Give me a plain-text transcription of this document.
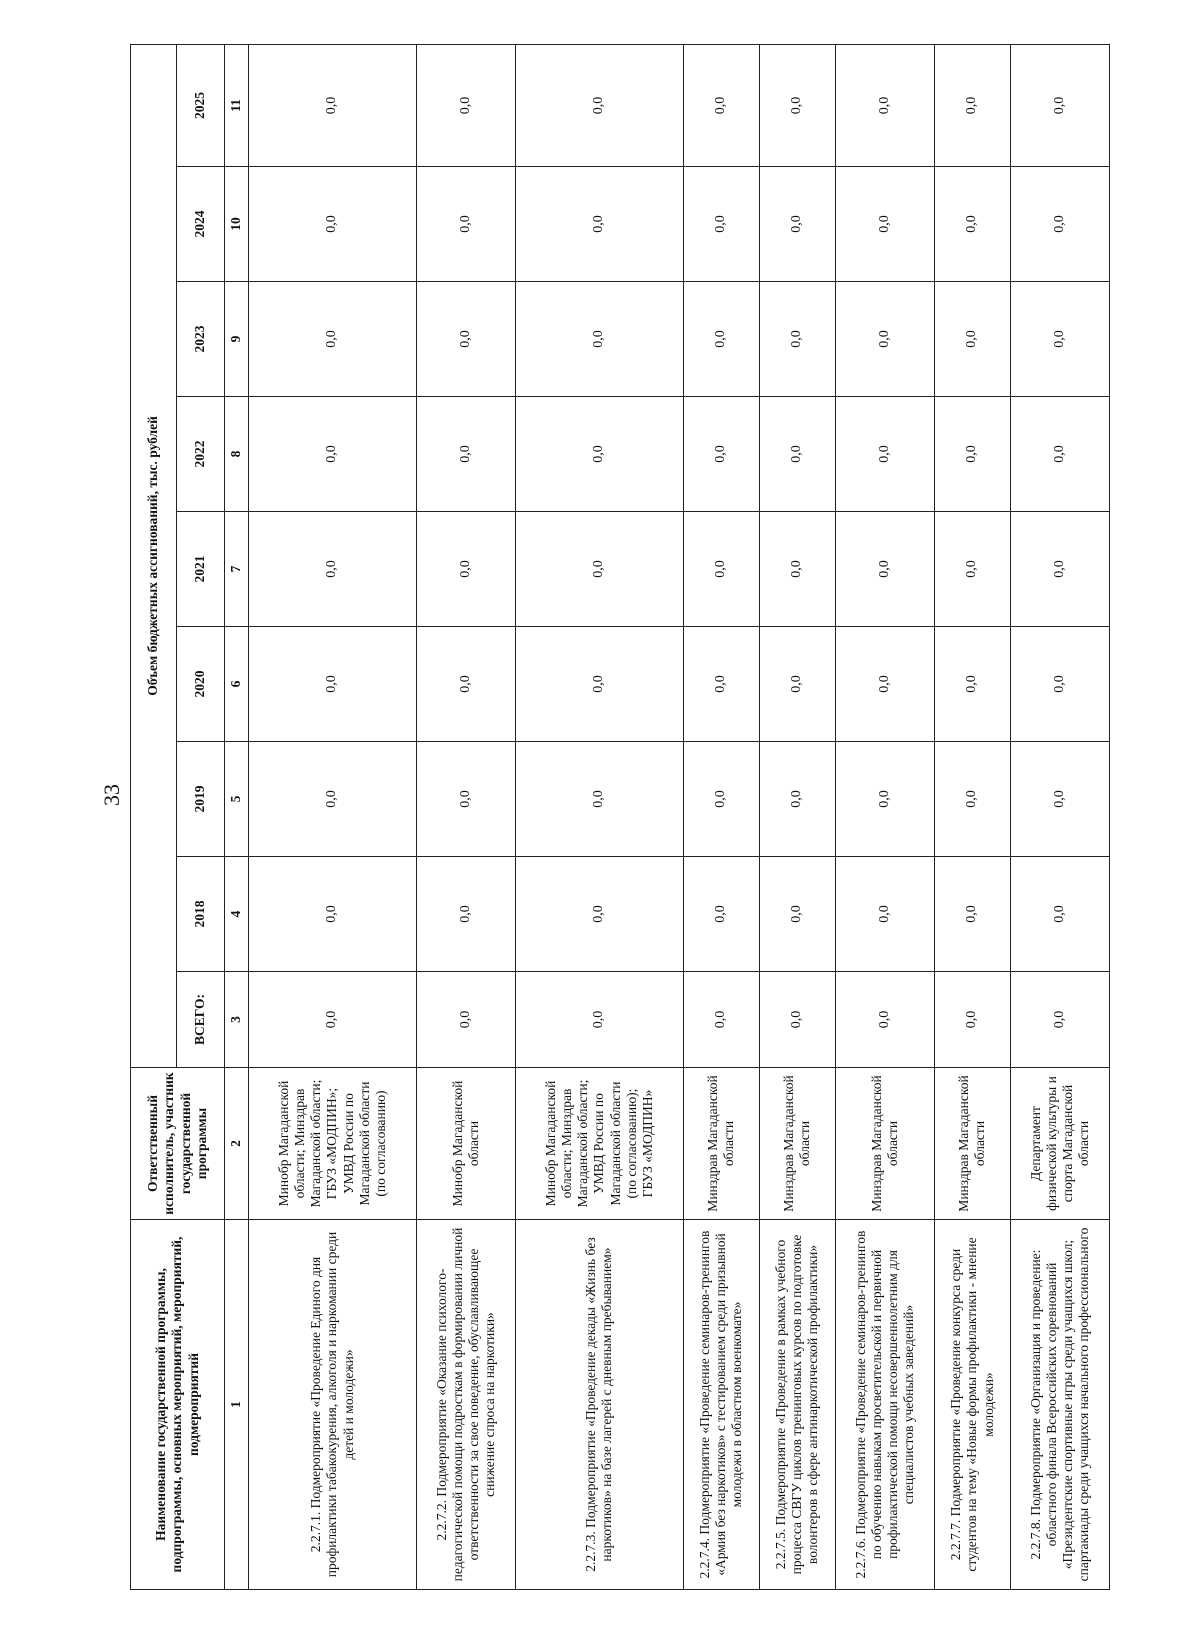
33
Наименование государственной программы, подпрограммы, основных мероприятий, мероприятий, подмероприятий	Ответственный исполнитель, участник государственной программы	Объем бюджетных ассигнований, тыс. рублей								
		ВСЕГО:	2018	2019	2020	2021	2022	2023	2024	2025
1	2	3	4	5	6	7	8	9	10	11
2.2.7.1. Подмероприятие «Проведение Единого дня профилактики табакокурения, алкоголя и наркомании среди детей и молодежи»	Минобр Магаданской области; Минздрав Магаданской области; ГБУЗ «МОДПИН»; УМВД России по Магаданской области (по согласованию)	0,0	0,0	0,0	0,0	0,0	0,0	0,0	0,0	0,0
2.2.7.2. Подмероприятие «Оказание психолого-педагогической помощи подросткам в формировании личной ответственности за свое поведение, обуславливающее снижение спроса на наркотики»	Минобр Магаданской области	0,0	0,0	0,0	0,0	0,0	0,0	0,0	0,0	0,0
2.2.7.3. Подмероприятие «Проведение декады «Жизнь без наркотиков» на базе лагерей с дневным пребыванием»	Минобр Магаданской области; Минздрав Магаданской области; УМВД России по Магаданской области (по согласованию); ГБУЗ «МОДПИН»	0,0	0,0	0,0	0,0	0,0	0,0	0,0	0,0	0,0
2.2.7.4. Подмероприятие «Проведение семинаров-тренингов «Армия без наркотиков» с тестированием среди призывной молодежи в областном военкомате»	Минздрав Магаданской области	0,0	0,0	0,0	0,0	0,0	0,0	0,0	0,0	0,0
2.2.7.5. Подмероприятие «Проведение в рамках учебного процесса СВГУ циклов тренинговых курсов по подготовке волонтеров в сфере антинаркотической профилактики»	Минздрав Магаданской области	0,0	0,0	0,0	0,0	0,0	0,0	0,0	0,0	0,0
2.2.7.6. Подмероприятие «Проведение семинаров-тренингов по обучению навыкам просветительской и первичной профилактической помощи несовершеннолетним для специалистов учебных заведений»	Минздрав Магаданской области	0,0	0,0	0,0	0,0	0,0	0,0	0,0	0,0	0,0
2.2.7.7. Подмероприятие «Проведение конкурса среди студентов на тему «Новые формы профилактики - мнение молодежи»	Минздрав Магаданской области	0,0	0,0	0,0	0,0	0,0	0,0	0,0	0,0	0,0
2.2.7.8. Подмероприятие «Организация и проведение: областного финала Всероссийских соревнований «Президентские спортивные игры среди учащихся школ; спартакиады среди учащихся начального профессионального	Департамент физической культуры и спорта Магаданской области	0,0	0,0	0,0	0,0	0,0	0,0	0,0	0,0	0,0
